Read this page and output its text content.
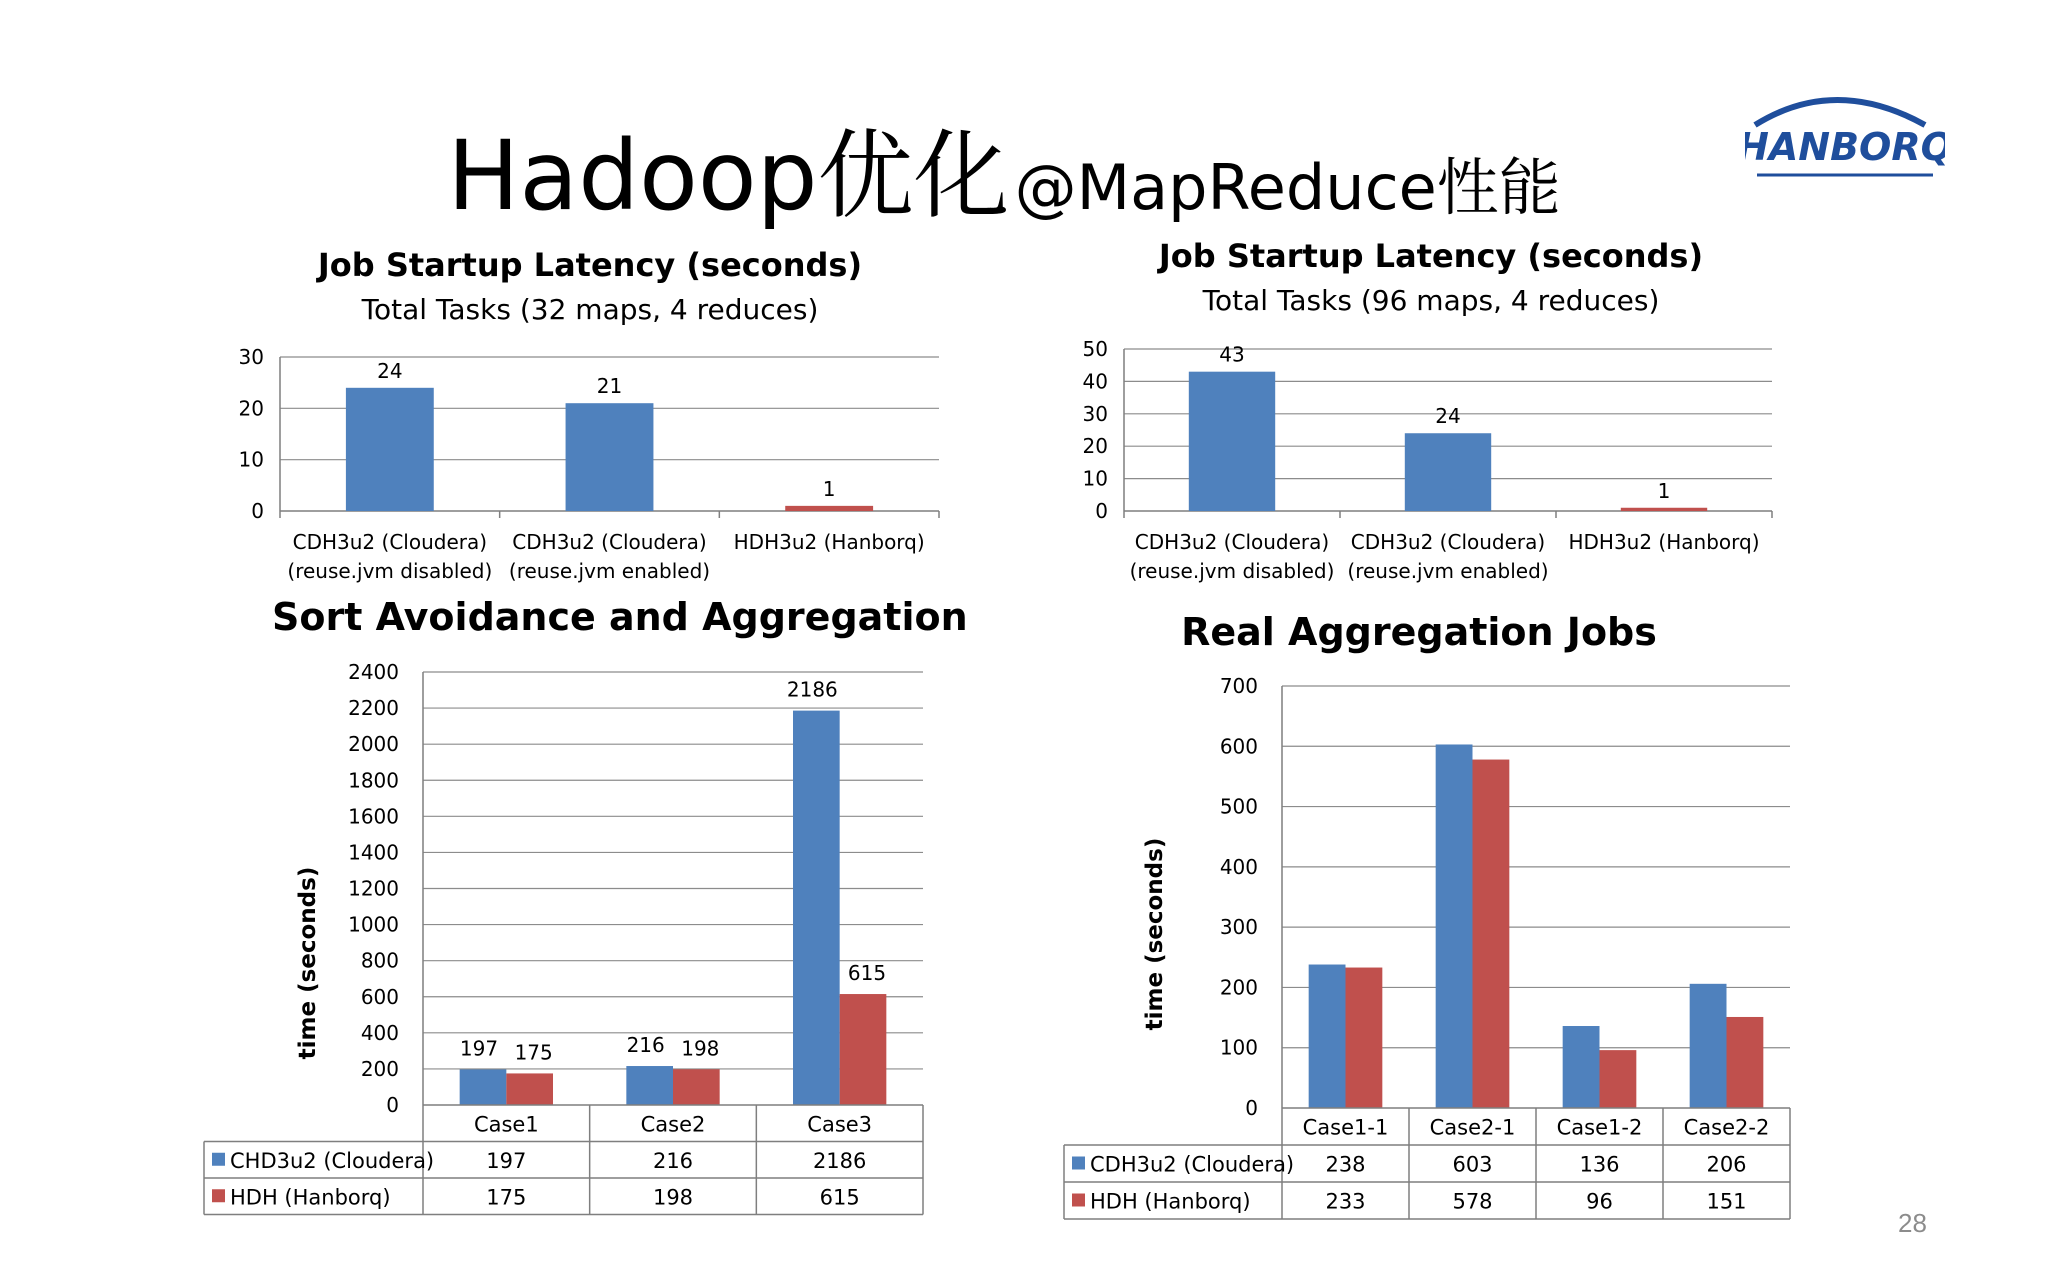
Hadoop优化 @MapReduce性能
HANBORQ
Job Startup Latency (seconds)
Total Tasks (32 maps, 4 reduces)
0
10
20
30
24
CDH3u2 (Cloudera)
(reuse.jvm disabled)
21
CDH3u2 (Cloudera)
(reuse.jvm enabled)
1
HDH3u2 (Hanborq)
Job Startup Latency (seconds)
Total Tasks (96 maps, 4 reduces)
0
10
20
30
40
50	43
CDH3u2 (Cloudera)
(reuse.jvm disabled)
24
CDH3u2 (Cloudera)
(reuse.jvm enabled)
1
HDH3u2 (Hanborq)
Sort Avoidance and Aggregation
time (seconds)
0
200
400
600
800
1000
1200
1400
1600
1800
2000
2200
2400
197 175	216 198
2186
615
Case1
197
175
Case2
216
198
Case3
2186
615
CHD3u2 (Cloudera)
HDH (Hanborq)
Real Aggregation Jobs
time (seconds)
0
100
200
300
400
500
600
700
Case1-1
238
233
Case2-1
603
578
Case1-2
136
96
Case2-2
206
151
CDH3u2 (Cloudera)
HDH (Hanborq)
28
